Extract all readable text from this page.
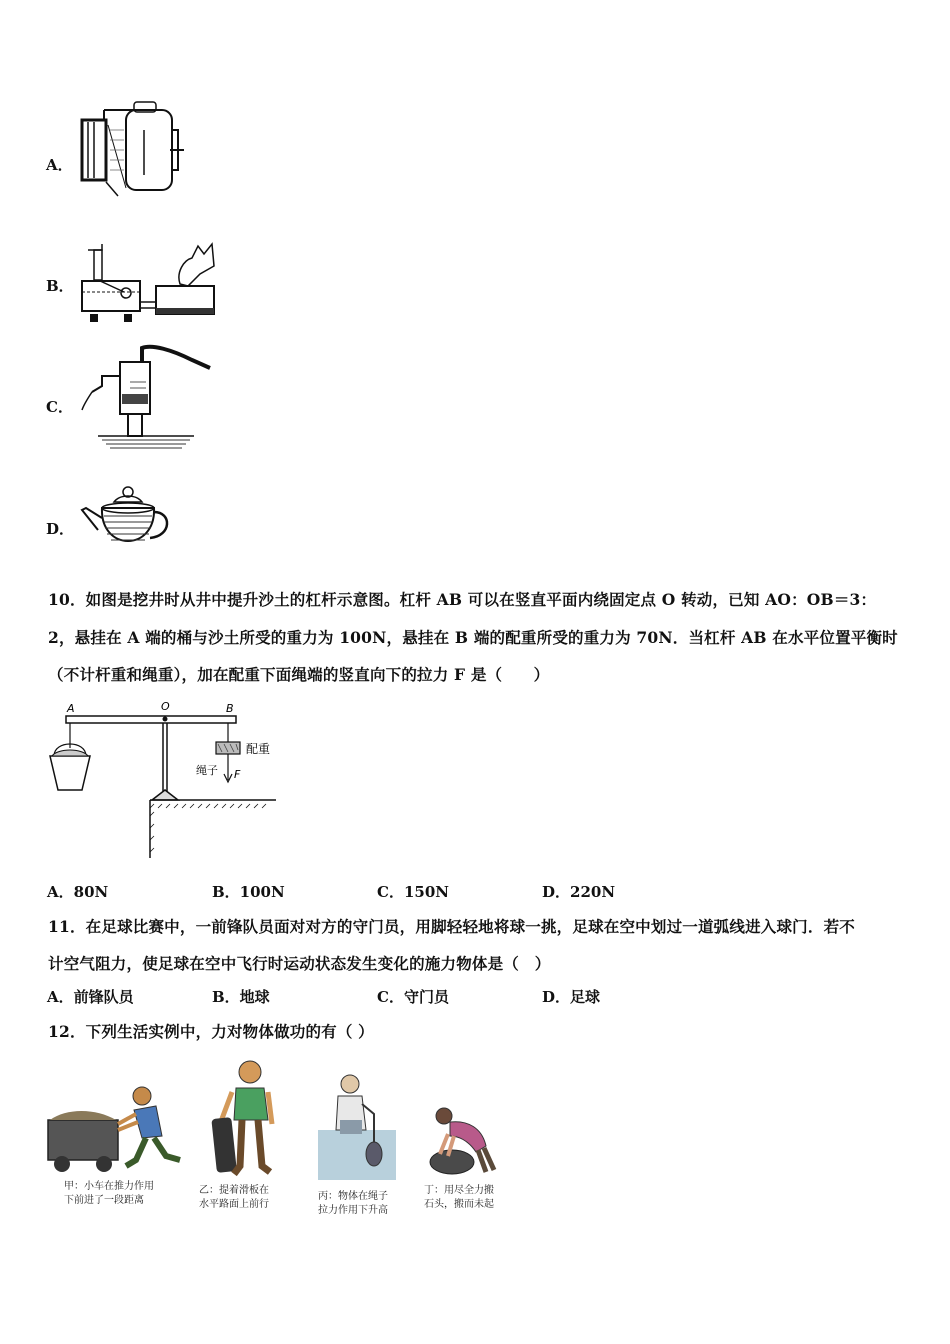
A．
B．
C．
D．
10．如图是挖井时从井中提升沙土的杠杆示意图。杠杆 AB 可以在竖直平面内绕固定点 O 转动，已知 AO：OB＝3：
2，悬挂在 A 端的桶与沙土所受的重力为 100N，悬挂在 B 端的配重所受的重力为 70N．当杠杆 AB 在水平位置平衡时
（不计杆重和绳重），加在配重下面绳端的竖直向下的拉力 F 是（　　）
A	O	B
配重
绳子 F
A．80N	B．100N	C．150N	D．220N
11．在足球比赛中，一前锋队员面对对方的守门员，用脚轻轻地将球一挑，足球在空中划过一道弧线进入球门．若不
计空气阻力，使足球在空中飞行时运动状态发生变化的施力物体是（　）
A．前锋队员	B．地球	C．守门员	D．足球
12．下列生活实例中，力对物体做功的有（ ）
甲：小车在推力作用
下前进了一段距离
乙：提着滑板在
水平路面上前行
丙：物体在绳子
拉力作用下升高
丁：用尽全力搬
石头，搬而未起
